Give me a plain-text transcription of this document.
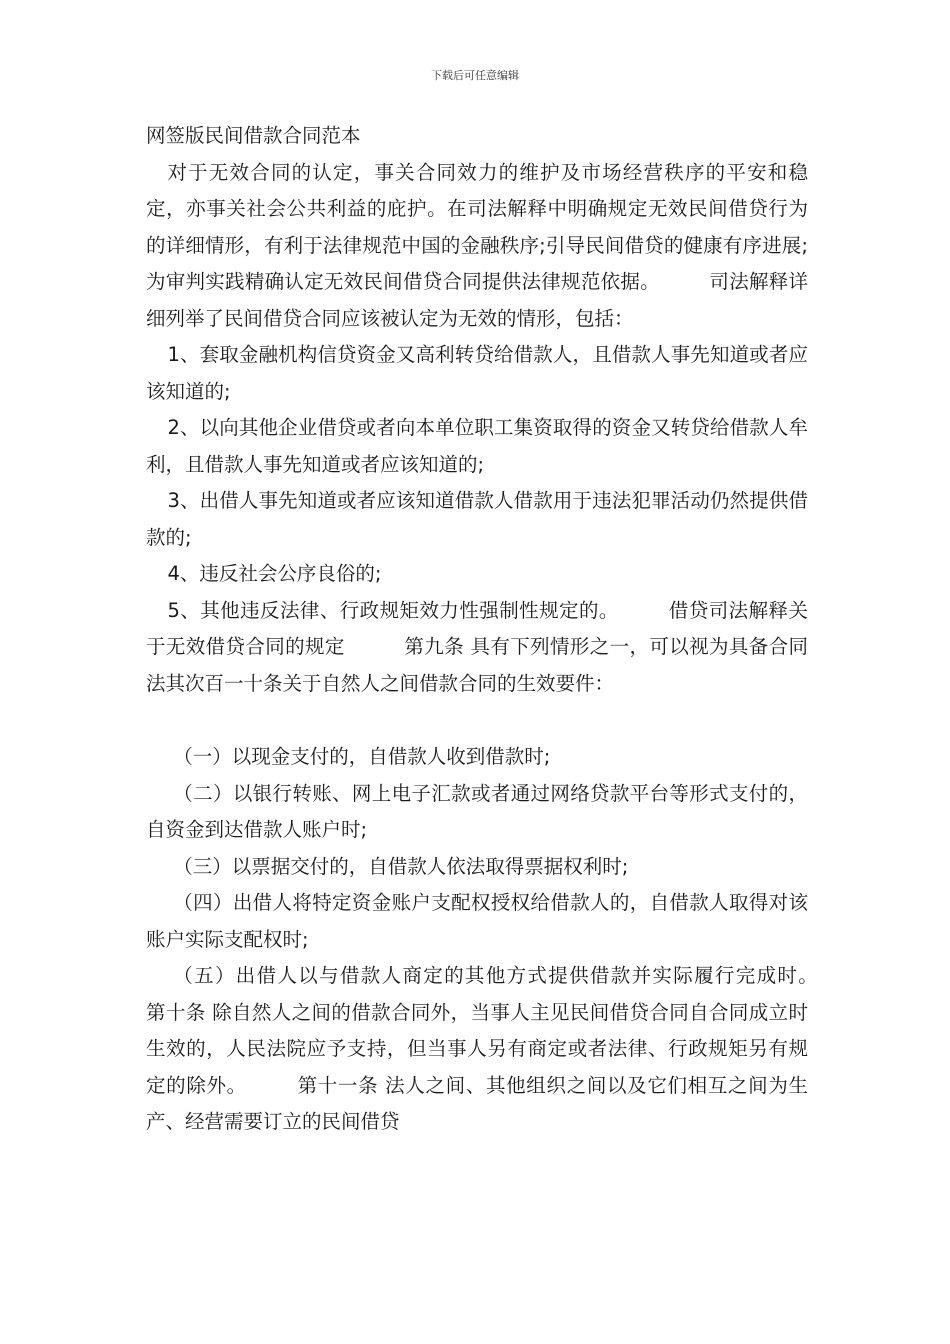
下载后可任意编辑

网签版民间借款合同范本

对于无效合同的认定，事关合同效力的维护及市场经营秩序的平安和稳定，亦事关社会公共利益的庇护。在司法解释中明确规定无效民间借贷行为的详细情形，有利于法律规范中国的金融秩序;引导民间借贷的健康有序进展;为审判实践精确认定无效民间借贷合同提供法律规范依据。　　　司法解释详细列举了民间借贷合同应该被认定为无效的情形，包括：

1、套取金融机构信贷资金又高利转贷给借款人，且借款人事先知道或者应该知道的;

2、以向其他企业借贷或者向本单位职工集资取得的资金又转贷给借款人牟利，且借款人事先知道或者应该知道的;

3、出借人事先知道或者应该知道借款人借款用于违法犯罪活动仍然提供借款的;

4、违反社会公序良俗的;

5、其他违反法律、行政规矩效力性强制性规定的。　　　借贷司法解释关于无效借贷合同的规定　　　第九条 具有下列情形之一，可以视为具备合同法其次百一十条关于自然人之间借款合同的生效要件：

（一）以现金支付的，自借款人收到借款时;

（二）以银行转账、网上电子汇款或者通过网络贷款平台等形式支付的，自资金到达借款人账户时;

（三）以票据交付的，自借款人依法取得票据权利时;

（四）出借人将特定资金账户支配权授权给借款人的，自借款人取得对该账户实际支配权时;

（五）出借人以与借款人商定的其他方式提供借款并实际履行完成时。　　　第十条 除自然人之间的借款合同外，当事人主见民间借贷合同自合同成立时生效的，人民法院应予支持，但当事人另有商定或者法律、行政规矩另有规定的除外。　　　第十一条 法人之间、其他组织之间以及它们相互之间为生产、经营需要订立的民间借贷
